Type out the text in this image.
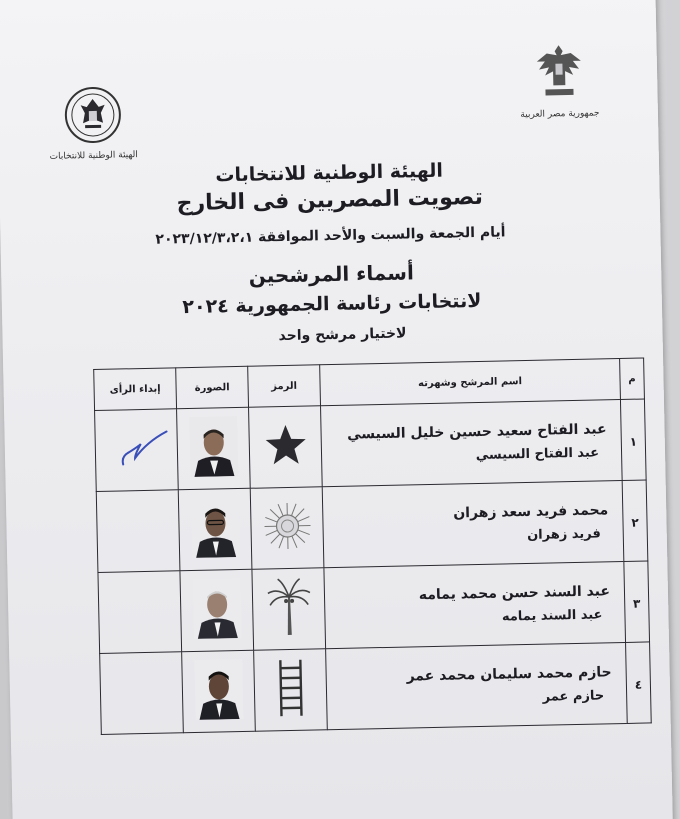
الهيئة الوطنية للانتخابات
جمهورية مصر العربية
الهيئة الوطنية للانتخابات
تصويت المصريين فى الخارج
أيام الجمعة والسبت والأحد الموافقة ٢٠٢٣/١٢/٣،٢،١
أسماء المرشحين
لانتخابات رئاسة الجمهورية ٢٠٢٤
لاختيار مرشح واحد
م	اسم المرشح وشهرته	الرمز	الصورة	إبداء الرأى
١	عبد الفتاح سعيد حسين خليل السيسي
عبد الفتاح السيسي

٢	محمد فريد سعد زهران
فريد زهران

٣	عبد السند حسن محمد يمامه
عبد السند يمامه

٤	حازم محمد سليمان محمد عمر
حازم عمر
